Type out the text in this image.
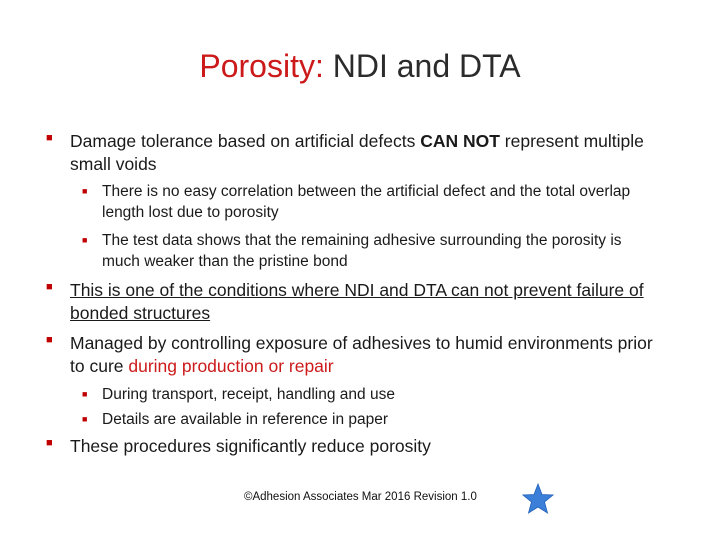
Porosity: NDI and DTA
■ Damage tolerance based on artificial defects CAN NOT represent multiple small voids
■ There is no easy correlation between the artificial defect and the total overlap length lost due to porosity
■ The test data shows that the remaining adhesive surrounding the porosity is much weaker than the pristine bond
■ This is one of the conditions where NDI and DTA can not prevent failure of bonded structures
■ Managed by controlling exposure of adhesives to humid environments prior to cure during production or repair
■ During transport, receipt, handling and use
■ Details are available in reference in paper
■ These procedures significantly reduce porosity
©Adhesion Associates Mar 2016 Revision 1.0
